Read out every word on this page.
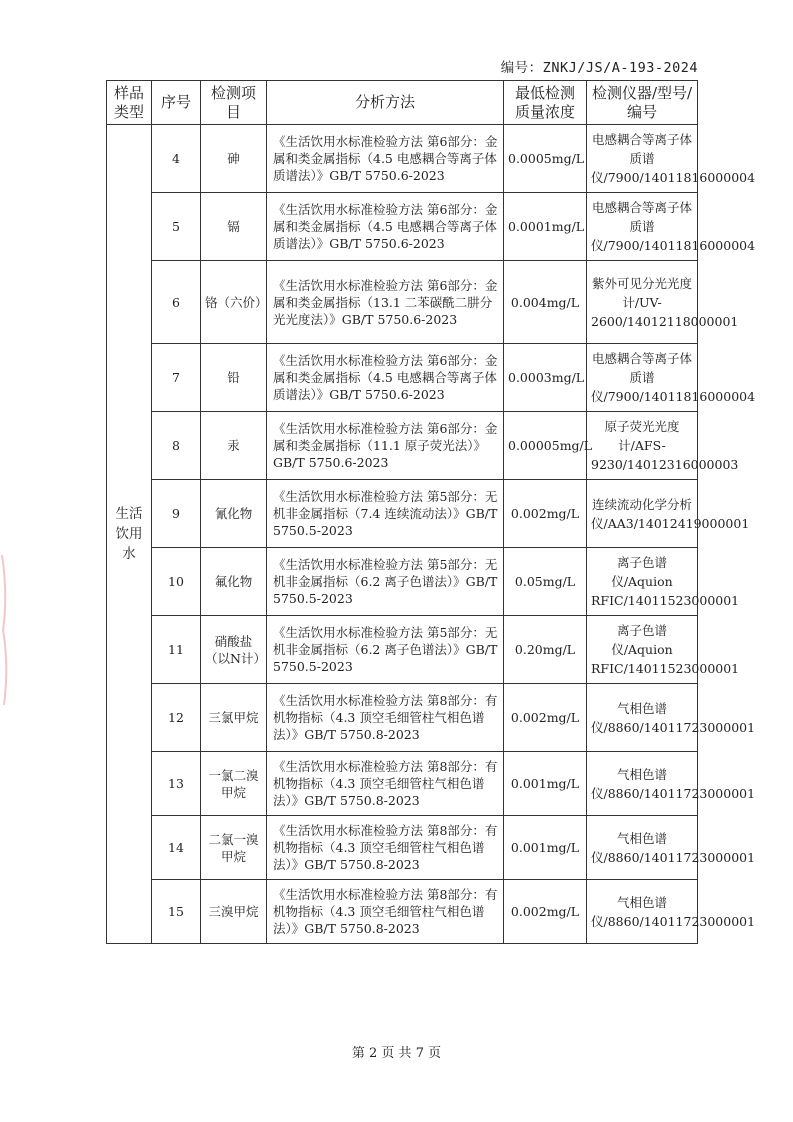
编号：ZNKJ/JS/A-193-2024
样品类型	序号	检测项目	分析方法	最低检测质量浓度	检测仪器/型号/编号
生活饮用水	4	砷	《生活饮用水标准检验方法 第6部分：金属和类金属指标（4.5 电感耦合等离子体质谱法）》GB/T 5750.6-2023	0.0005mg/L	电感耦合等离子体质谱仪/7900/14011816000004
	5	镉	《生活饮用水标准检验方法 第6部分：金属和类金属指标（4.5 电感耦合等离子体质谱法）》GB/T 5750.6-2023	0.0001mg/L	电感耦合等离子体质谱仪/7900/14011816000004
	6	铬（六价）	《生活饮用水标准检验方法 第6部分：金属和类金属指标（13.1 二苯碳酰二肼分光光度法）》GB/T 5750.6-2023	0.004mg/L	紫外可见分光光度计/UV-2600/14012118000001
	7	铅	《生活饮用水标准检验方法 第6部分：金属和类金属指标（4.5 电感耦合等离子体质谱法）》GB/T 5750.6-2023	0.0003mg/L	电感耦合等离子体质谱仪/7900/14011816000004
	8	汞	《生活饮用水标准检验方法 第6部分：金属和类金属指标（11.1 原子荧光法）》GB/T 5750.6-2023	0.00005mg/L	原子荧光光度计/AFS-9230/14012316000003
	9	氰化物	《生活饮用水标准检验方法 第5部分：无机非金属指标（7.4 连续流动法）》GB/T 5750.5-2023	0.002mg/L	连续流动化学分析仪/AA3/14012419000001
	10	氟化物	《生活饮用水标准检验方法 第5部分：无机非金属指标（6.2 离子色谱法）》GB/T 5750.5-2023	0.05mg/L	离子色谱仪/Aquion RFIC/14011523000001
	11	硝酸盐（以N计）	《生活饮用水标准检验方法 第5部分：无机非金属指标（6.2 离子色谱法）》GB/T 5750.5-2023	0.20mg/L	离子色谱仪/Aquion RFIC/14011523000001
	12	三氯甲烷	《生活饮用水标准检验方法 第8部分：有机物指标（4.3 顶空毛细管柱气相色谱法）》GB/T 5750.8-2023	0.002mg/L	气相色谱仪/8860/14011723000001
	13	一氯二溴甲烷	《生活饮用水标准检验方法 第8部分：有机物指标（4.3 顶空毛细管柱气相色谱法）》GB/T 5750.8-2023	0.001mg/L	气相色谱仪/8860/14011723000001
	14	二氯一溴甲烷	《生活饮用水标准检验方法 第8部分：有机物指标（4.3 顶空毛细管柱气相色谱法）》GB/T 5750.8-2023	0.001mg/L	气相色谱仪/8860/14011723000001
	15	三溴甲烷	《生活饮用水标准检验方法 第8部分：有机物指标（4.3 顶空毛细管柱气相色谱法）》GB/T 5750.8-2023	0.002mg/L	气相色谱仪/8860/14011723000001
第 2 页 共 7 页
